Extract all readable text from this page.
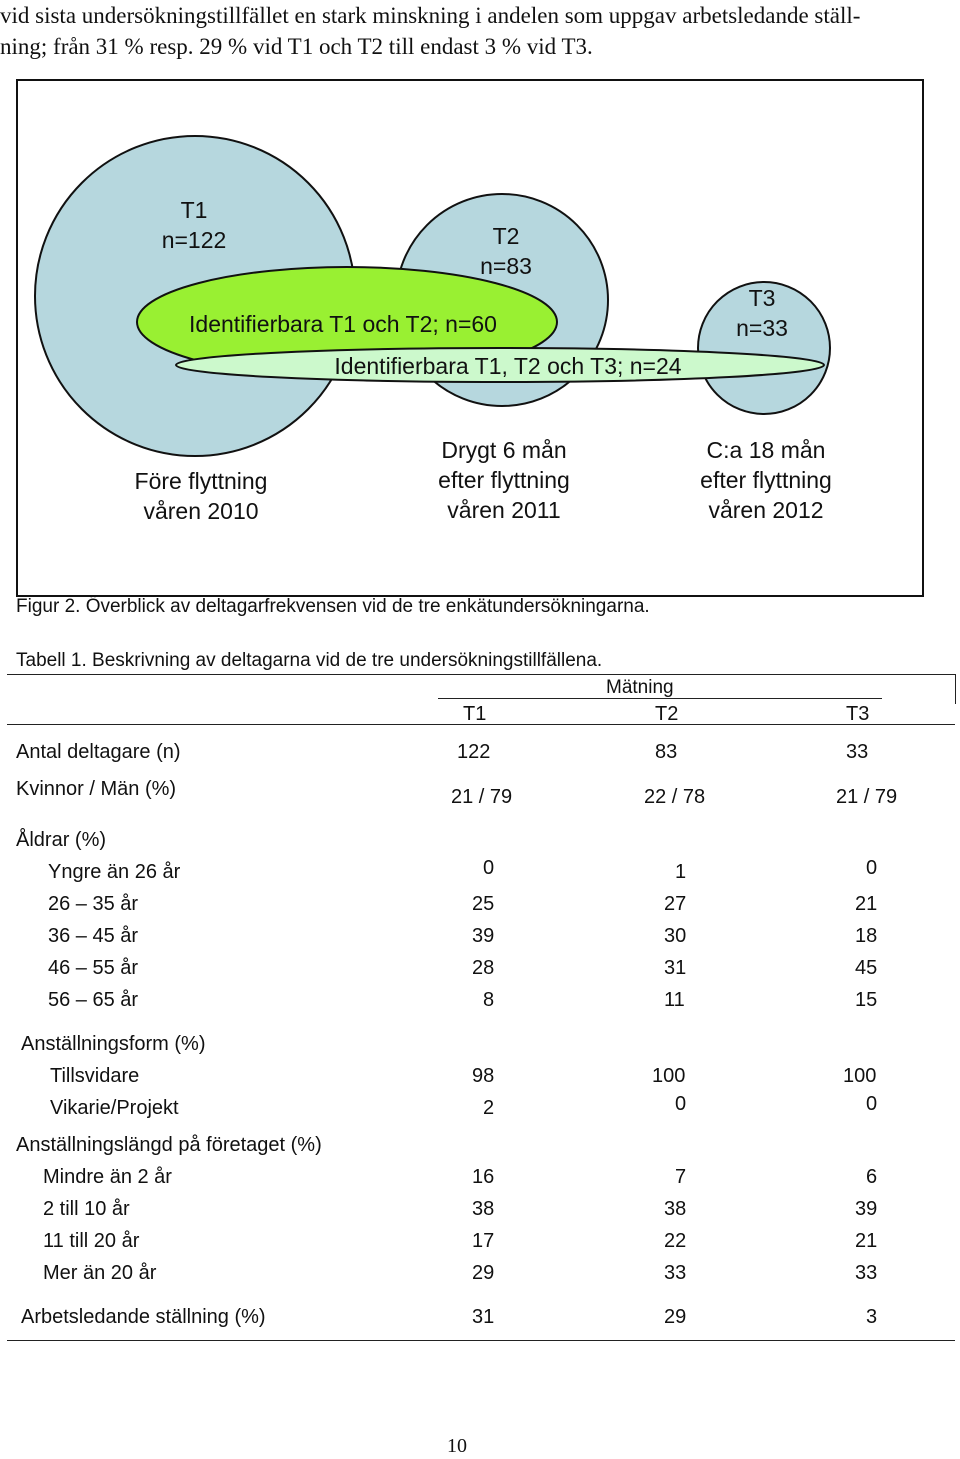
vid sista undersökningstillfället en stark minskning i andelen som uppgav arbetsledande ställ-
ning; från 31 % resp. 29 % vid T1 och T2 till endast 3 % vid T3.

T1
n=122	T2
n=83
T3
n=33
Identifierbara T1 och T2; n=60
Identifierbara T1, T2 och T3; n=24
Före flyttning
våren 2010
Drygt 6 mån
efter flyttning
våren 2011
C:a 18 mån
efter flyttning
våren 2012
Figur 2. Överblick av deltagarfrekvensen vid de tre enkätundersökningarna.
Tabell 1. Beskrivning av deltagarna vid de tre undersökningstillfällena.
Mätning
T1	T2	T3
Antal deltagare (n)	122	83	33
Kvinnor / Män (%)	21 / 79	22 / 78	21 / 79
Åldrar (%)
Yngre än 26 år	0	1	0
26 – 35 år	25	27	21
36 – 45 år	39	30	18
46 – 55 år	28	31	45
56 – 65 år	8	11	15
Anställningsform (%)
Tillsvidare	98	100	100
Vikarie/Projekt	2	0	0
Anställningslängd på företaget (%)
Mindre än 2 år	16	7	6
2 till 10 år	38	38	39
11 till 20 år	17	22	21
Mer än 20 år	29	33	33
Arbetsledande ställning (%)	31	29	3
10
